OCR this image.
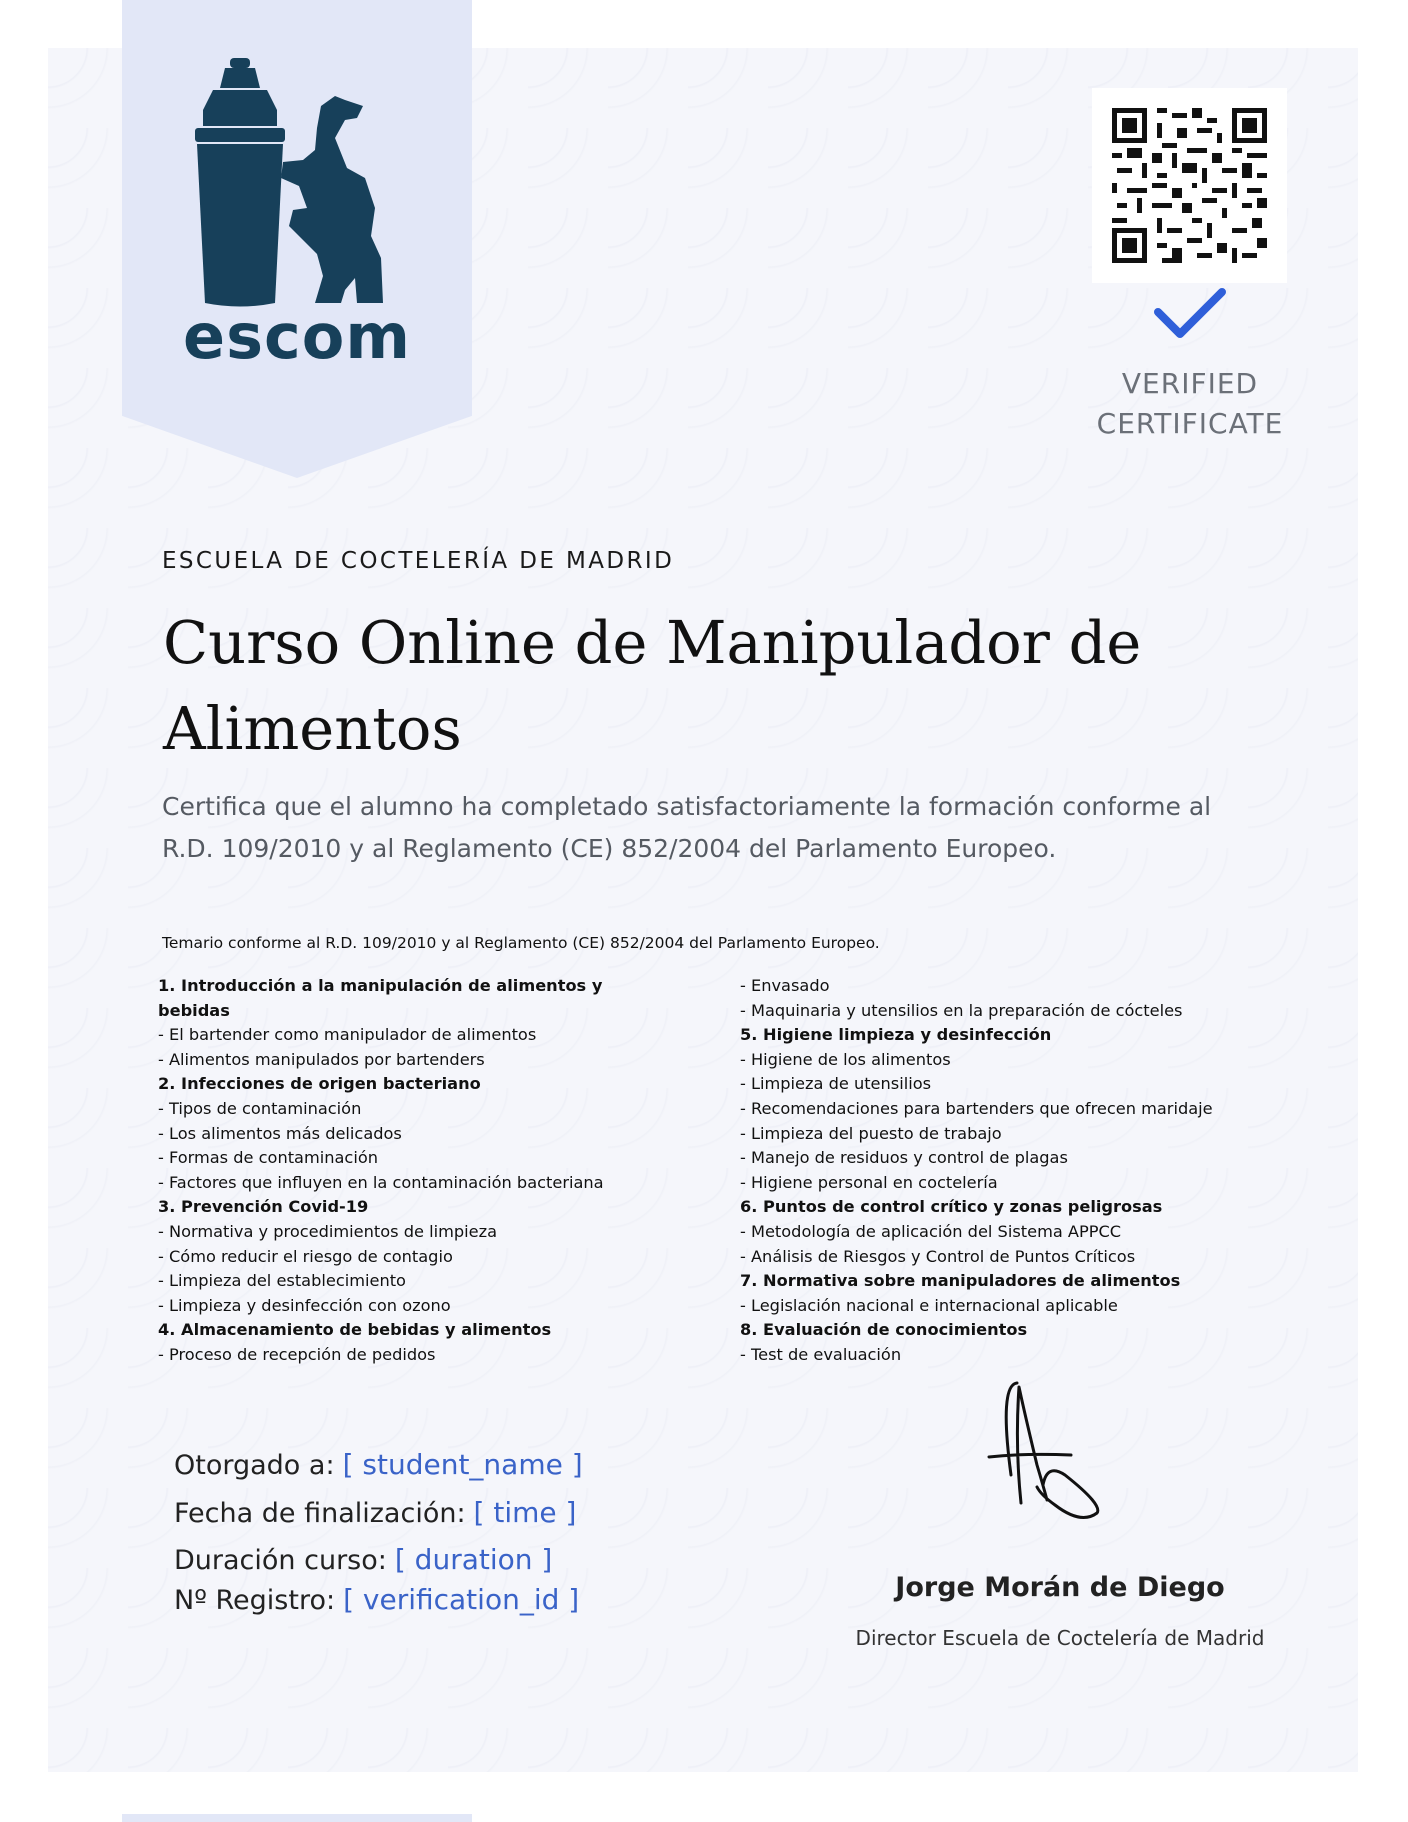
escom
VERIFIED
CERTIFICATE
ESCUELA DE COCTELERÍA DE MADRID
Curso Online de Manipulador de Alimentos
Certifica que el alumno ha completado satisfactoriamente la formación conforme al R.D. 109/2010 y al Reglamento (CE) 852/2004 del Parlamento Europeo.
Temario conforme al R.D. 109/2010 y al Reglamento (CE) 852/2004 del Parlamento Europeo.
1. Introducción a la manipulación de alimentos y bebidas
- El bartender como manipulador de alimentos
- Alimentos manipulados por bartenders
2. Infecciones de origen bacteriano
- Tipos de contaminación
- Los alimentos más delicados
- Formas de contaminación
- Factores que influyen en la contaminación bacteriana
3. Prevención Covid-19
- Normativa y procedimientos de limpieza
- Cómo reducir el riesgo de contagio
- Limpieza del establecimiento
- Limpieza y desinfección con ozono
4. Almacenamiento de bebidas y alimentos
- Proceso de recepción de pedidos
- Envasado
- Maquinaria y utensilios en la preparación de cócteles
5. Higiene limpieza y desinfección
- Higiene de los alimentos
- Limpieza de utensilios
- Recomendaciones para bartenders que ofrecen maridaje
- Limpieza del puesto de trabajo
- Manejo de residuos y control de plagas
- Higiene personal en coctelería
6. Puntos de control crítico y zonas peligrosas
- Metodología de aplicación del Sistema APPCC
- Análisis de Riesgos y Control de Puntos Críticos
7. Normativa sobre manipuladores de alimentos
- Legislación nacional e internacional aplicable
8. Evaluación de conocimientos
- Test de evaluación
Otorgado a: [ student_name ]
Fecha de finalización: [ time ]
Duración curso: [ duration ]
Nº Registro: [ verification_id ]	Jorge Morán de Diego
Director Escuela de Coctelería de Madrid
